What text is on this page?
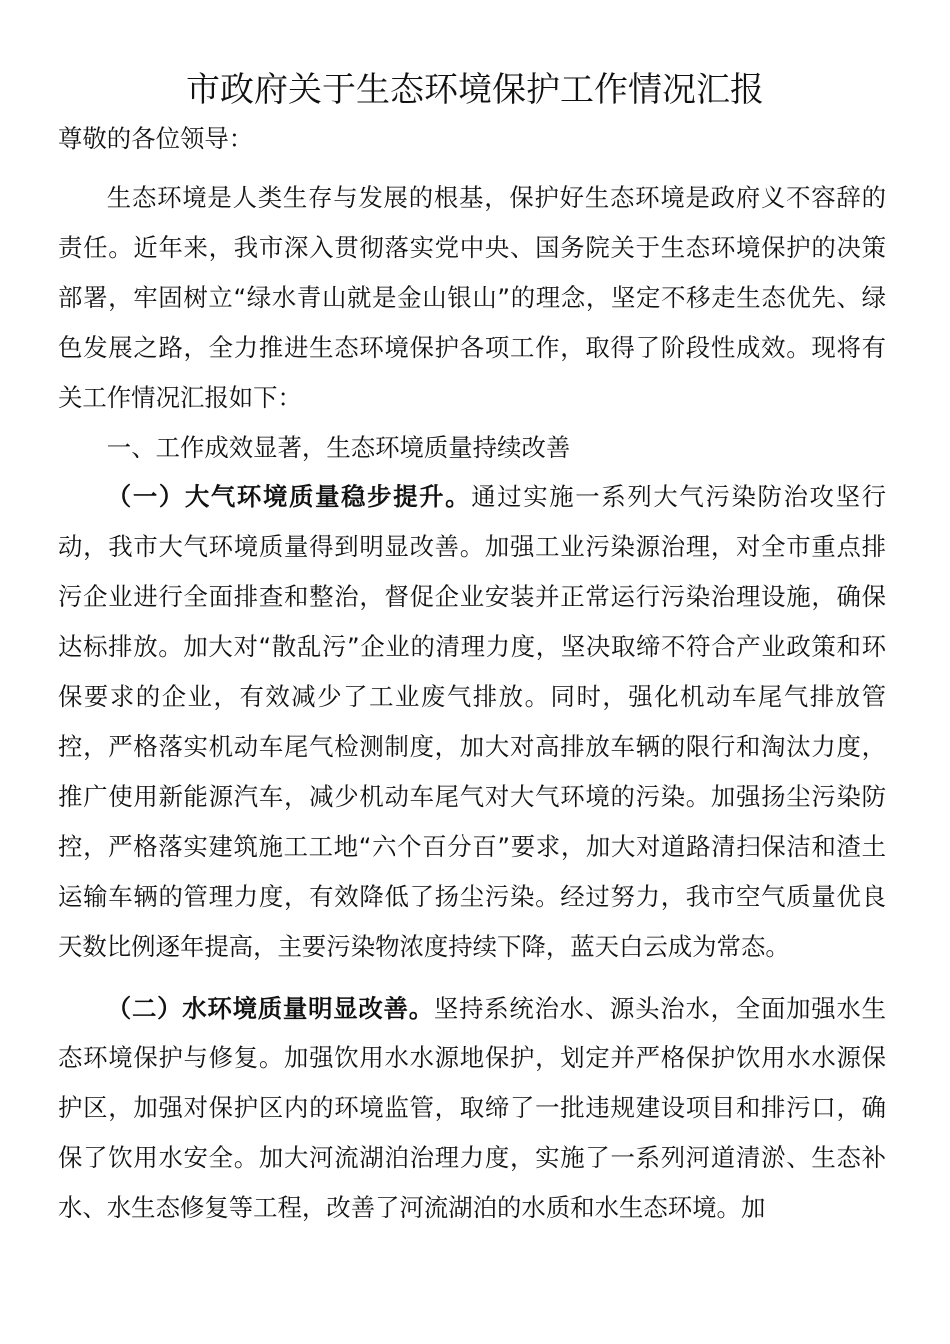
市政府关于生态环境保护工作情况汇报

尊敬的各位领导：

生态环境是人类生存与发展的根基，保护好生态环境是政府义不容辞的责任。近年来，我市深入贯彻落实党中央、国务院关于生态环境保护的决策部署，牢固树立“绿水青山就是金山银山”的理念，坚定不移走生态优先、绿色发展之路，全力推进生态环境保护各项工作，取得了阶段性成效。现将有关工作情况汇报如下：

一、工作成效显著，生态环境质量持续改善

（一）大气环境质量稳步提升。通过实施一系列大气污染防治攻坚行动，我市大气环境质量得到明显改善。加强工业污染源治理，对全市重点排污企业进行全面排查和整治，督促企业安装并正常运行污染治理设施，确保达标排放。加大对“散乱污”企业的清理力度，坚决取缔不符合产业政策和环保要求的企业，有效减少了工业废气排放。同时，强化机动车尾气排放管控，严格落实机动车尾气检测制度，加大对高排放车辆的限行和淘汰力度，推广使用新能源汽车，减少机动车尾气对大气环境的污染。加强扬尘污染防控，严格落实建筑施工工地“六个百分百”要求，加大对道路清扫保洁和渣土运输车辆的管理力度，有效降低了扬尘污染。经过努力，我市空气质量优良天数比例逐年提高，主要污染物浓度持续下降，蓝天白云成为常态。

（二）水环境质量明显改善。坚持系统治水、源头治水，全面加强水生态环境保护与修复。加强饮用水水源地保护，划定并严格保护饮用水水源保护区，加强对保护区内的环境监管，取缔了一批违规建设项目和排污口，确保了饮用水安全。加大河流湖泊治理力度，实施了一系列河道清淤、生态补水、水生态修复等工程，改善了河流湖泊的水质和水生态环境。加
